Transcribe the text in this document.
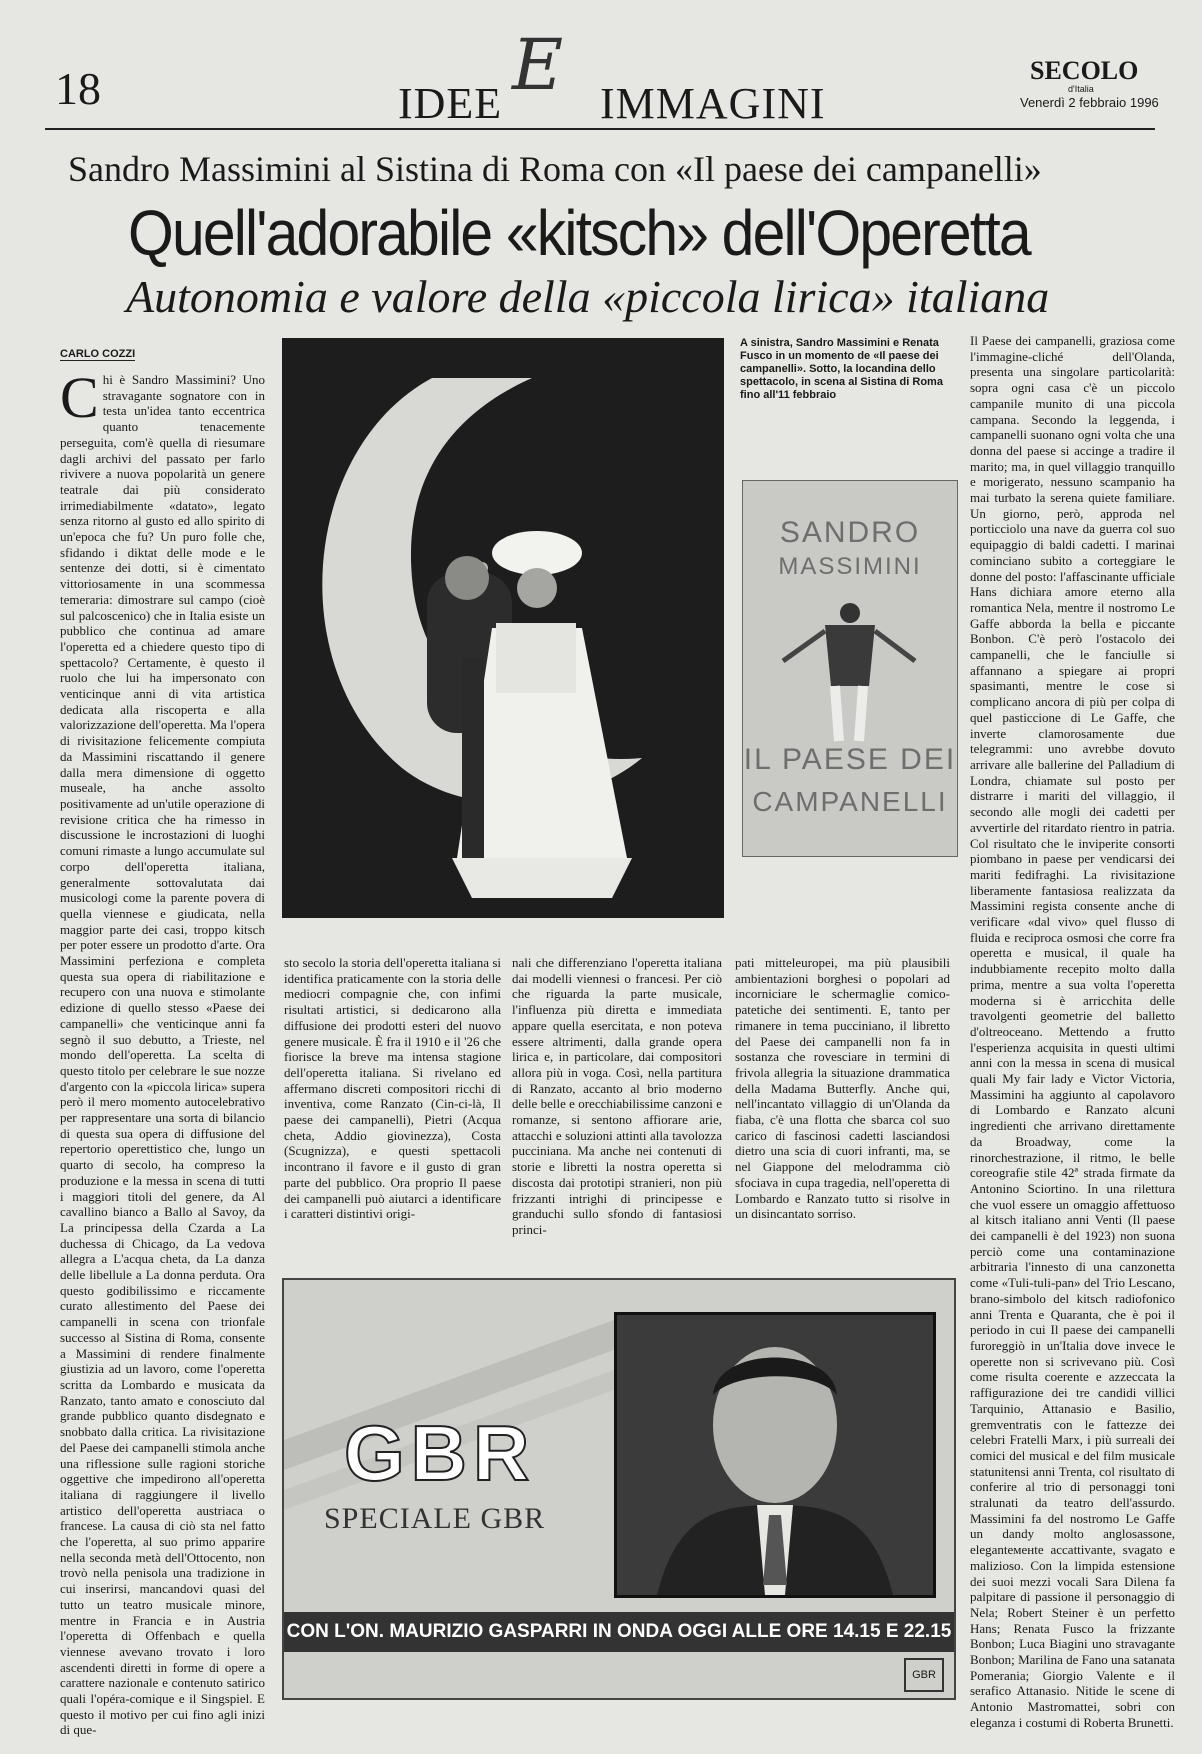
18	IDEE E IMMAGINI
SECOLO
d'Italia
Venerdì 2 febbraio 1996
Sandro Massimini al Sistina di Roma con «Il paese dei campanelli»
Quell'adorabile «kitsch» dell'Operetta
Autonomia e valore della «piccola lirica» italiana
CARLO COZZI
C hi è Sandro Massimini? Uno stravagante sognatore con in testa un'idea tanto eccentrica quanto tenacemente perseguita, com'è quella di riesumare dagli archivi del passato per farlo rivivere a nuova popolarità un genere teatrale dai più considerato irrimediabilmente «datato», legato senza ritorno al gusto ed allo spirito di un'epoca che fu? Un puro folle che, sfidando i diktat delle mode e le sentenze dei dotti, si è cimentato vittoriosamente in una scommessa temeraria: dimostrare sul campo (cioè sul palcoscenico) che in Italia esiste un pubblico che continua ad amare l'operetta ed a chiedere questo tipo di spettacolo? Certamente, è questo il ruolo che lui ha impersonato con venticinque anni di vita artistica dedicata alla riscoperta e alla valorizzazione dell'operetta. Ma l'opera di rivisitazione felicemente compiuta da Massimini riscattando il genere dalla mera dimensione di oggetto museale, ha anche assolto positivamente ad un'utile operazione di revisione critica che ha rimesso in discussione le incrostazioni di luoghi comuni rimaste a lungo accumulate sul corpo dell'operetta italiana, generalmente sottovalutata dai musicologi come la parente povera di quella viennese e giudicata, nella maggior parte dei casi, troppo kitsch per poter essere un prodotto d'arte. Ora Massimini perfeziona e completa questa sua opera di riabilitazione e recupero con una nuova e stimolante edizione di quello stesso «Paese dei campanelli» che venticinque anni fa segnò il suo debutto, a Trieste, nel mondo dell'operetta. La scelta di questo titolo per celebrare le sue nozze d'argento con la «piccola lirica» supera però il mero momento autocelebrativo per rappresentare una sorta di bilancio di questa sua opera di diffusione del repertorio operettistico che, lungo un quarto di secolo, ha compreso la produzione e la messa in scena di tutti i maggiori titoli del genere, da Al cavallino bianco a Ballo al Savoy, da La principessa della Czarda a La duchessa di Chicago, da La vedova allegra a L'acqua cheta, da La danza delle libellule a La donna perduta. Ora questo godibilissimo e riccamente curato allestimento del Paese dei campanelli in scena con trionfale successo al Sistina di Roma, consente a Massimini di rendere finalmente giustizia ad un lavoro, come l'operetta scritta da Lombardo e musicata da Ranzato, tanto amato e conosciuto dal grande pubblico quanto disdegnato e snobbato dalla critica. La rivisitazione del Paese dei campanelli stimola anche una riflessione sulle ragioni storiche oggettive che impedirono all'operetta italiana di raggiungere il livello artistico dell'operetta austriaca o francese. La causa di ciò sta nel fatto che l'operetta, al suo primo apparire nella seconda metà dell'Ottocento, non trovò nella penisola una tradizione in cui inserirsi, mancandovi quasi del tutto un teatro musicale minore, mentre in Francia e in Austria l'operetta di Offenbach e quella viennese avevano trovato i loro ascendenti diretti in forme di opere a carattere nazionale e contenuto satirico quali l'opéra-comique e il Singspiel. E questo il motivo per cui fino agli inizi di que-
A sinistra, Sandro Massimini e Renata Fusco in un momento de «Il paese dei campanelli». Sotto, la locandina dello spettacolo, in scena al Sistina di Roma fino all'11 febbraio
SANDRO
MASSIMINI
IL PAESE DEI
CAMPANELLI
sto secolo la storia dell'operetta italiana si identifica praticamente con la storia delle mediocri compagnie che, con infimi risultati artistici, si dedicarono alla diffusione dei prodotti esteri del nuovo genere musicale. È fra il 1910 e il '26 che fiorisce la breve ma intensa stagione dell'operetta italiana. Si rivelano ed affermano discreti compositori ricchi di inventiva, come Ranzato (Cin-ci-là, Il paese dei campanelli), Pietri (Acqua cheta, Addio giovinezza), Costa (Scugnizza), e questi spettacoli incontrano il favore e il gusto di gran parte del pubblico. Ora proprio Il paese dei campanelli può aiutarci a identificare i caratteri distintivi origi-
nali che differenziano l'operetta italiana dai modelli viennesi o francesi. Per ciò che riguarda la parte musicale, l'influenza più diretta e immediata appare quella esercitata, e non poteva essere altrimenti, dalla grande opera lirica e, in particolare, dai compositori allora più in voga. Così, nella partitura di Ranzato, accanto al brio moderno delle belle e orecchiabilissime canzoni e romanze, si sentono affiorare arie, attacchi e soluzioni attinti alla tavolozza pucciniana. Ma anche nei contenuti di storie e libretti la nostra operetta si discosta dai prototipi stranieri, non più frizzanti intrighi di principesse e granduchi sullo sfondo di fantasiosi princi-
pati mitteleuropei, ma più plausibili ambientazioni borghesi o popolari ad incorniciare le schermaglie comico-patetiche dei sentimenti. E, tanto per rimanere in tema pucciniano, il libretto del Paese dei campanelli non fa in sostanza che rovesciare in termini di frivola allegria la situazione drammatica della Madama Butterfly. Anche qui, nell'incantato villaggio di un'Olanda da fiaba, c'è una flotta che sbarca col suo carico di fascinosi cadetti lasciandosi dietro una scia di cuori infranti, ma, se nel Giappone del melodramma ciò sfociava in cupa tragedia, nell'operetta di Lombardo e Ranzato tutto si risolve in un disincantato sorriso.
Il Paese dei campanelli, graziosa come l'immagine-cliché dell'Olanda, presenta una singolare particolarità: sopra ogni casa c'è un piccolo campanile munito di una piccola campana. Secondo la leggenda, i campanelli suonano ogni volta che una donna del paese si accinge a tradire il marito; ma, in quel villaggio tranquillo e morigerato, nessuno scampanio ha mai turbato la serena quiete familiare. Un giorno, però, approda nel porticciolo una nave da guerra col suo equipaggio di baldi cadetti. I marinai cominciano subito a corteggiare le donne del posto: l'affascinante ufficiale Hans dichiara amore eterno alla romantica Nela, mentre il nostromo Le Gaffe abborda la bella e piccante Bonbon. C'è però l'ostacolo dei campanelli, che le fanciulle si affannano a spiegare ai propri spasimanti, mentre le cose si complicano ancora di più per colpa di quel pasticcione di Le Gaffe, che inverte clamorosamente due telegrammi: uno avrebbe dovuto arrivare alle ballerine del Palladium di Londra, chiamate sul posto per distrarre i mariti del villaggio, il secondo alle mogli dei cadetti per avvertirle del ritardato rientro in patria. Col risultato che le inviperite consorti piombano in paese per vendicarsi dei mariti fedifraghi. La rivisitazione liberamente fantasiosa realizzata da Massimini regista consente anche di verificare «dal vivo» quel flusso di fluida e reciproca osmosi che corre fra operetta e musical, il quale ha indubbiamente recepito molto dalla prima, mentre a sua volta l'operetta moderna si è arricchita delle travolgenti geometrie del balletto d'oltreoceano. Mettendo a frutto l'esperienza acquisita in questi ultimi anni con la messa in scena di musical quali My fair lady e Victor Victoria, Massimini ha aggiunto al capolavoro di Lombardo e Ranzato alcuni ingredienti che arrivano direttamente da Broadway, come la rinorchestrazione, il ritmo, le belle coreografie stile 42ª strada firmate da Antonino Sciortino. In una rilettura che vuol essere un omaggio affettuoso al kitsch italiano anni Venti (Il paese dei campanelli è del 1923) non suona perciò come una contaminazione arbitraria l'innesto di una canzonetta come «Tuli-tuli-pan» del Trio Lescano, brano-simbolo del kitsch radiofonico anni Trenta e Quaranta, che è poi il periodo in cui Il paese dei campanelli furoreggiò in un'Italia dove invece le operette non si scrivevano più. Così come risulta coerente e azzeccata la raffigurazione dei tre candidi villici Tarquinio, Attanasio e Basilio, gremventratis con le fattezze dei celebri Fratelli Marx, i più surreali dei comici del musical e del film musicale statunitensi anni Trenta, col risultato di conferire al trio di personaggi toni stralunati da teatro dell'assurdo. Massimini fa del nostromo Le Gaffe un dandy molto anglosassone, eleganteменte accattivante, svagato e malizioso. Con la limpida estensione dei suoi mezzi vocali Sara Dilena fa palpitare di passione il personaggio di Nela; Robert Steiner è un perfetto Hans; Renata Fusco la frizzante Bonbon; Luca Biagini uno stravagante Bonbon; Marilina de Fano una satanata Pomerania; Giorgio Valente e il serafico Attanasio. Nitide le scene di Antonio Mastromattei, sobri con eleganza i costumi di Roberta Brunetti.
GBR
SPECIALE GBR
CON L'ON. MAURIZIO GASPARRI IN ONDA OGGI ALLE ORE 14.15 E 22.15
GBR
